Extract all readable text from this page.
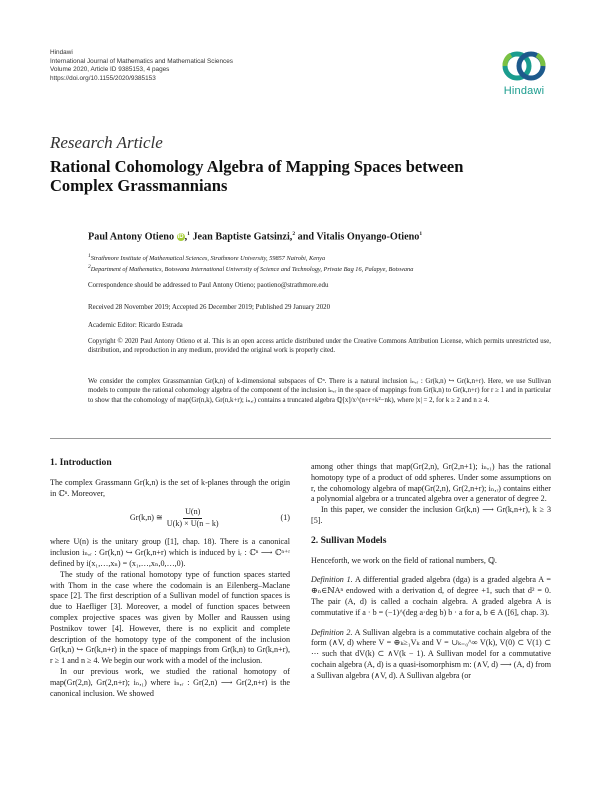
Hindawi
International Journal of Mathematics and Mathematical Sciences
Volume 2020, Article ID 9385153, 4 pages
https://doi.org/10.1155/2020/9385153
Hindawi
Research Article
Rational Cohomology Algebra of Mapping Spaces between Complex Grassmannians
Paul Antony Otieno iD,$^1$ Jean Baptiste Gatsinzi,$^2$ and Vitalis Onyango-Otieno$^1$
$^1$Strathmore Institute of Mathematical Sciences, Strathmore University, 59857 Nairobi, Kenya
$^2$Department of Mathematics, Botswana International University of Science and Technology, Private Bag 16, Palapye, Botswana
Correspondence should be addressed to Paul Antony Otieno; paotieno@strathmore.edu
Received 28 November 2019; Accepted 26 December 2019; Published 29 January 2020
Academic Editor: Ricardo Estrada
Copyright © 2020 Paul Antony Otieno et al. This is an open access article distributed under the Creative Commons Attribution License, which permits unrestricted use, distribution, and reproduction in any medium, provided the original work is properly cited.
We consider the complex Grassmannian Gr(k,n) of k-dimensional subspaces of ℂⁿ. There is a natural inclusion iₙ,ᵣ : Gr(k,n) ↪ Gr(k,n+r). Here, we use Sullivan models to compute the rational cohomology algebra of the component of the inclusion iₙ,ᵣ in the space of mappings from Gr(k,n) to Gr(k,n+r) for r ≥ 1 and in particular to show that the cohomology of map(Gr(n,k), Gr(n,k+r); iₙ,ᵣ) contains a truncated algebra ℚ[x]/x^(n+r+k²−nk), where |x| = 2, for k ≥ 2 and n ≥ 4.
1. Introduction

The complex Grassmann Gr(k,n) is the set of k-planes through the origin in ℂⁿ. Moreover,

Gr(k,n) ≅ $\frac{U(n)}{U(k) \times U(n - k)}$	(1)

where U(n) is the unitary group ([1], chap. 18). There is a canonical inclusion iₙ,ᵣ : Gr(k,n) ↪ Gr(k,n+r) which is induced by iᵣ : ℂⁿ ⟶ ℂⁿ⁺ʳ defined by i(x₁,…,xₙ) = (x₁,…,xₙ,0,…,0).

The study of the rational homotopy type of function spaces started with Thom in the case where the codomain is an Eilenberg–Maclane space [2]. The first description of a Sullivan model of function spaces is due to Haefliger [3]. Moreover, a model of function spaces between complex projective spaces was given by Moller and Raussen using Postnikov tower [4]. However, there is no explicit and complete description of the homotopy type of the component of the inclusion Gr(k,n) ↪ Gr(k,n+r) in the space of mappings from Gr(k,n) to Gr(k,n+r), r ≥ 1 and n ≥ 4. We begin our work with a model of the inclusion.

In our previous work, we studied the rational homotopy of map(Gr(2,n), Gr(2,n+r); iₙ,₁) where iₙ,ᵣ : Gr(2,n) ⟶ Gr(2,n+r) is the canonical inclusion. We showed

among other things that map(Gr(2,n), Gr(2,n+1); iₙ,₁) has the rational homotopy type of a product of odd spheres. Under some assumptions on r, the cohomology algebra of map(Gr(2,n), Gr(2,n+r); iₙ,ᵣ) contains either a polynomial algebra or a truncated algebra over a generator of degree 2.

In this paper, we consider the inclusion Gr(k,n) ⟶ Gr(k,n+r), k ≥ 3 [5].

2. Sullivan Models

Henceforth, we work on the field of rational numbers, ℚ.

Definition 1. A differential graded algebra (dga) is a graded algebra A = ⊕ₙ∈ℕAⁿ endowed with a derivation d, of degree +1, such that d² = 0. The pair (A, d) is called a cochain algebra. A graded algebra A is commutative if a · b = (−1)^(deg a·deg b) b · a for a, b ∈ A ([6], chap. 3).

Definition 2. A Sullivan algebra is a commutative cochain algebra of the form (∧V, d) where V = ⊕ₖ≥₁Vₖ and V = ∪ₖ₌₀^∞ V(k), V(0) ⊂ V(1) ⊂ ⋯ such that dV(k) ⊂ ∧V(k − 1). A Sullivan model for a commutative cochain algebra (A, d) is a quasi-isomorphism m: (∧V, d) ⟶ (A, d) from a Sullivan algebra (∧V, d). A Sullivan algebra (or
